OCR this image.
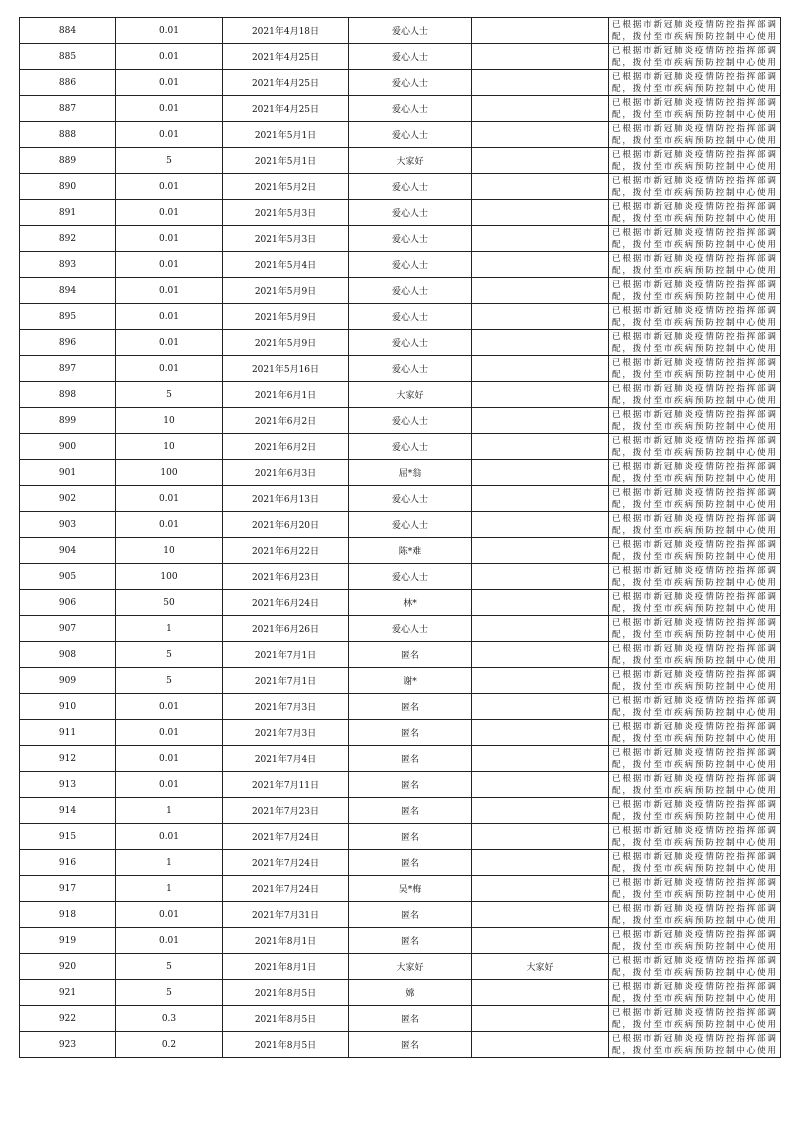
884	0.01	2021年4月18日	爱心人士		已根据市新冠肺炎疫情防控指挥部调
配，拨付至市疾病预防控制中心使用

885	0.01	2021年4月25日	爱心人士		已根据市新冠肺炎疫情防控指挥部调
配，拨付至市疾病预防控制中心使用

886	0.01	2021年4月25日	爱心人士		已根据市新冠肺炎疫情防控指挥部调
配，拨付至市疾病预防控制中心使用

887	0.01	2021年4月25日	爱心人士		已根据市新冠肺炎疫情防控指挥部调
配，拨付至市疾病预防控制中心使用

888	0.01	2021年5月1日	爱心人士		已根据市新冠肺炎疫情防控指挥部调
配，拨付至市疾病预防控制中心使用

889	5	2021年5月1日	大家好		已根据市新冠肺炎疫情防控指挥部调
配，拨付至市疾病预防控制中心使用

890	0.01	2021年5月2日	爱心人士		已根据市新冠肺炎疫情防控指挥部调
配，拨付至市疾病预防控制中心使用

891	0.01	2021年5月3日	爱心人士		已根据市新冠肺炎疫情防控指挥部调
配，拨付至市疾病预防控制中心使用

892	0.01	2021年5月3日	爱心人士		已根据市新冠肺炎疫情防控指挥部调
配，拨付至市疾病预防控制中心使用

893	0.01	2021年5月4日	爱心人士		已根据市新冠肺炎疫情防控指挥部调
配，拨付至市疾病预防控制中心使用

894	0.01	2021年5月9日	爱心人士		已根据市新冠肺炎疫情防控指挥部调
配，拨付至市疾病预防控制中心使用

895	0.01	2021年5月9日	爱心人士		已根据市新冠肺炎疫情防控指挥部调
配，拨付至市疾病预防控制中心使用

896	0.01	2021年5月9日	爱心人士		已根据市新冠肺炎疫情防控指挥部调
配，拨付至市疾病预防控制中心使用

897	0.01	2021年5月16日	爱心人士		已根据市新冠肺炎疫情防控指挥部调
配，拨付至市疾病预防控制中心使用

898	5	2021年6月1日	大家好		已根据市新冠肺炎疫情防控指挥部调
配，拨付至市疾病预防控制中心使用

899	10	2021年6月2日	爱心人士		已根据市新冠肺炎疫情防控指挥部调
配，拨付至市疾病预防控制中心使用

900	10	2021年6月2日	爱心人士		已根据市新冠肺炎疫情防控指挥部调
配，拨付至市疾病预防控制中心使用

901	100	2021年6月3日	屈*翁		已根据市新冠肺炎疫情防控指挥部调
配，拨付至市疾病预防控制中心使用

902	0.01	2021年6月13日	爱心人士		已根据市新冠肺炎疫情防控指挥部调
配，拨付至市疾病预防控制中心使用

903	0.01	2021年6月20日	爱心人士		已根据市新冠肺炎疫情防控指挥部调
配，拨付至市疾病预防控制中心使用

904	10	2021年6月22日	陈*难		已根据市新冠肺炎疫情防控指挥部调
配，拨付至市疾病预防控制中心使用

905	100	2021年6月23日	爱心人士		已根据市新冠肺炎疫情防控指挥部调
配，拨付至市疾病预防控制中心使用

906	50	2021年6月24日	林*		已根据市新冠肺炎疫情防控指挥部调
配，拨付至市疾病预防控制中心使用

907	1	2021年6月26日	爱心人士		已根据市新冠肺炎疫情防控指挥部调
配，拨付至市疾病预防控制中心使用

908	5	2021年7月1日	匿名		已根据市新冠肺炎疫情防控指挥部调
配，拨付至市疾病预防控制中心使用

909	5	2021年7月1日	谢*		已根据市新冠肺炎疫情防控指挥部调
配，拨付至市疾病预防控制中心使用

910	0.01	2021年7月3日	匿名		已根据市新冠肺炎疫情防控指挥部调
配，拨付至市疾病预防控制中心使用

911	0.01	2021年7月3日	匿名		已根据市新冠肺炎疫情防控指挥部调
配，拨付至市疾病预防控制中心使用

912	0.01	2021年7月4日	匿名		已根据市新冠肺炎疫情防控指挥部调
配，拨付至市疾病预防控制中心使用

913	0.01	2021年7月11日	匿名		已根据市新冠肺炎疫情防控指挥部调
配，拨付至市疾病预防控制中心使用

914	1	2021年7月23日	匿名		已根据市新冠肺炎疫情防控指挥部调
配，拨付至市疾病预防控制中心使用

915	0.01	2021年7月24日	匿名		已根据市新冠肺炎疫情防控指挥部调
配，拨付至市疾病预防控制中心使用

916	1	2021年7月24日	匿名		已根据市新冠肺炎疫情防控指挥部调
配，拨付至市疾病预防控制中心使用

917	1	2021年7月24日	吴*梅		已根据市新冠肺炎疫情防控指挥部调
配，拨付至市疾病预防控制中心使用

918	0.01	2021年7月31日	匿名		已根据市新冠肺炎疫情防控指挥部调
配，拨付至市疾病预防控制中心使用

919	0.01	2021年8月1日	匿名		已根据市新冠肺炎疫情防控指挥部调
配，拨付至市疾病预防控制中心使用

920	5	2021年8月1日	大家好	大家好	已根据市新冠肺炎疫情防控指挥部调
配，拨付至市疾病预防控制中心使用

921	5	2021年8月5日	嫦		已根据市新冠肺炎疫情防控指挥部调
配，拨付至市疾病预防控制中心使用

922	0.3	2021年8月5日	匿名		已根据市新冠肺炎疫情防控指挥部调
配，拨付至市疾病预防控制中心使用

923	0.2	2021年8月5日	匿名		已根据市新冠肺炎疫情防控指挥部调
配，拨付至市疾病预防控制中心使用
